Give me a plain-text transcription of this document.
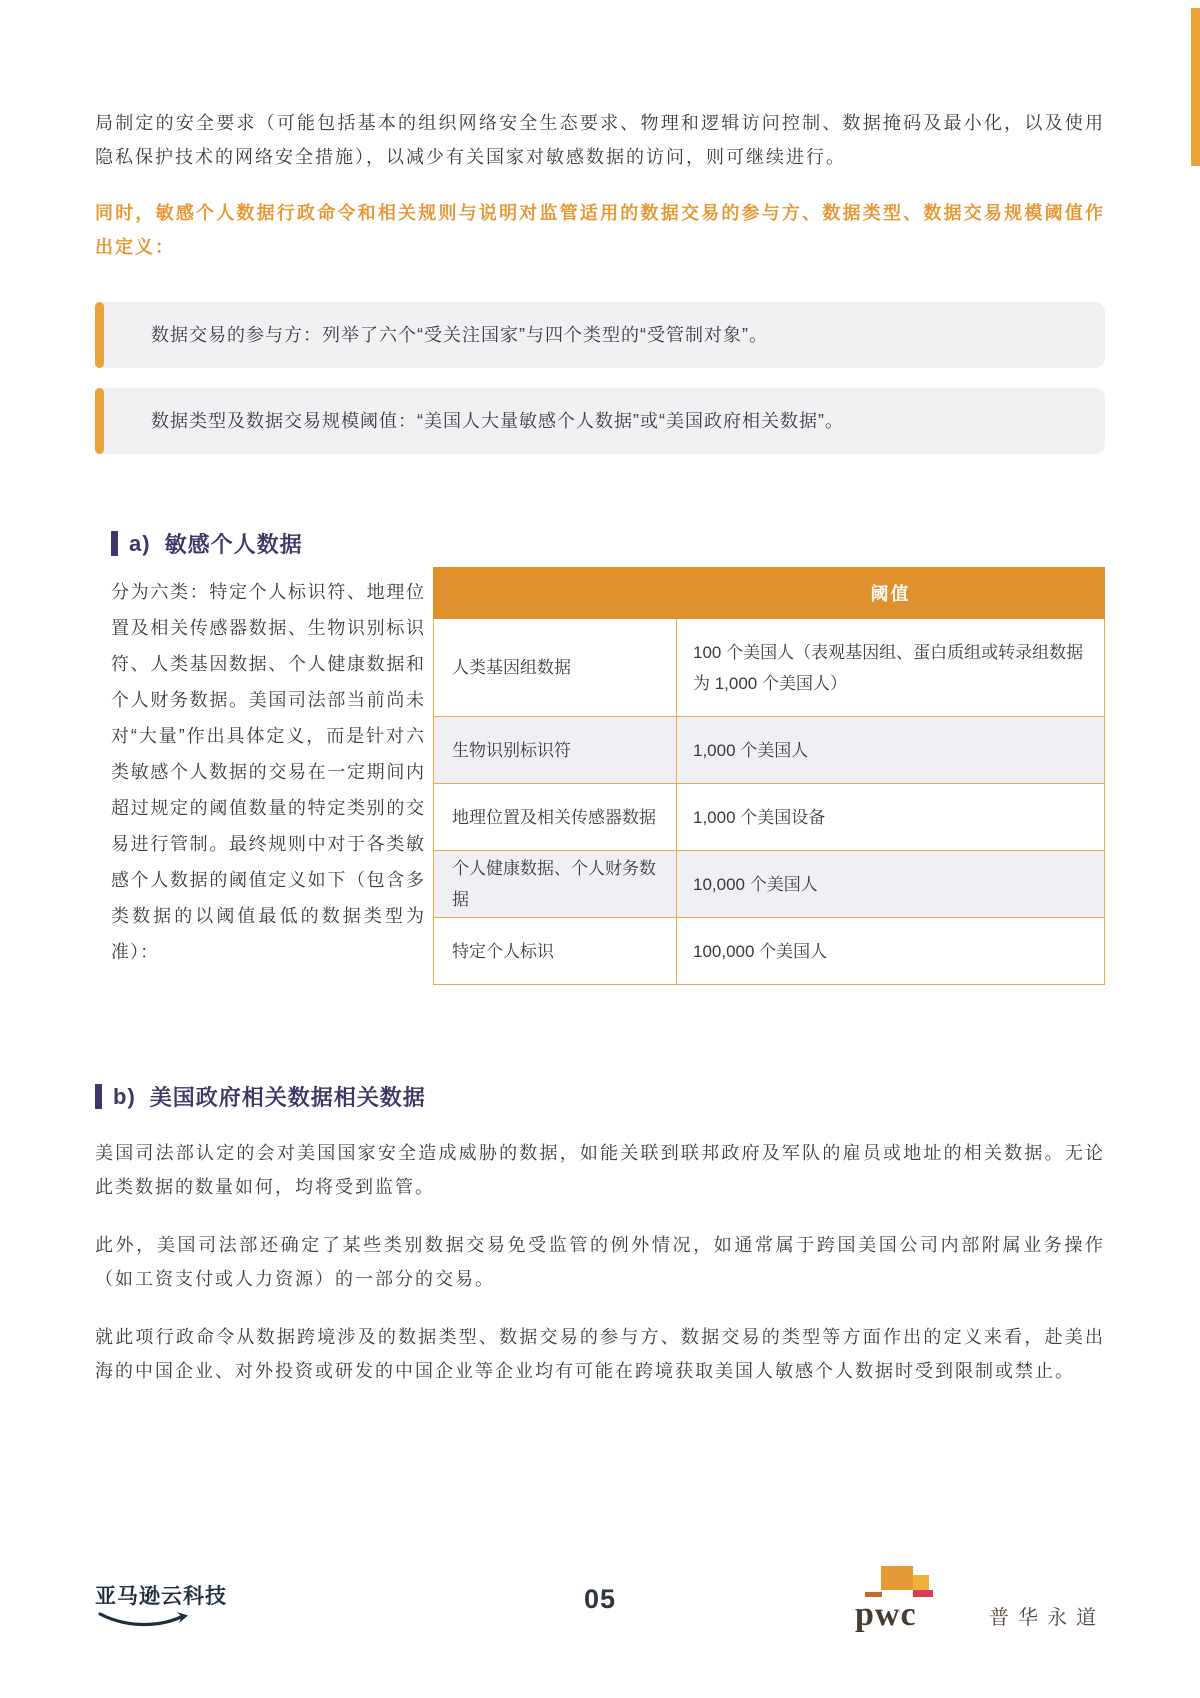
局制定的安全要求（可能包括基本的组织网络安全生态要求、物理和逻辑访问控制、数据掩码及最小化，以及使用隐私保护技术的网络安全措施），以减少有关国家对敏感数据的访问，则可继续进行。

同时，敏感个人数据行政命令和相关规则与说明对监管适用的数据交易的参与方、数据类型、数据交易规模阈值作出定义：

数据交易的参与方：列举了六个“受关注国家”与四个类型的“受管制对象”。

数据类型及数据交易规模阈值：“美国人大量敏感个人数据”或“美国政府相关数据”。

a) 敏感个人数据

分为六类：特定个人标识符、地理位置及相关传感器数据、生物识别标识符、人类基因数据、个人健康数据和个人财务数据。美国司法部当前尚未对“大量”作出具体定义，而是针对六类敏感个人数据的交易在一定期间内超过规定的阈值数量的特定类别的交易进行管制。最终规则中对于各类敏感个人数据的阈值定义如下（包含多类数据的以阈值最低的数据类型为准）：

	阈值
人类基因组数据	100 个美国人（表观基因组、蛋白质组或转录组数据为 1,000 个美国人）
生物识别标识符	1,000 个美国人
地理位置及相关传感器数据	1,000 个美国设备
个人健康数据、个人财务数据	10,000 个美国人
特定个人标识	100,000 个美国人
b) 美国政府相关数据相关数据

美国司法部认定的会对美国国家安全造成威胁的数据，如能关联到联邦政府及军队的雇员或地址的相关数据。无论此类数据的数量如何，均将受到监管。

此外，美国司法部还确定了某些类别数据交易免受监管的例外情况，如通常属于跨国美国公司内部附属业务操作（如工资支付或人力资源）的一部分的交易。

就此项行政命令从数据跨境涉及的数据类型、数据交易的参与方、数据交易的类型等方面作出的定义来看，赴美出海的中国企业、对外投资或研发的中国企业等企业均有可能在跨境获取美国人敏感个人数据时受到限制或禁止。

亚马逊云科技	05	pwc	普华永道
